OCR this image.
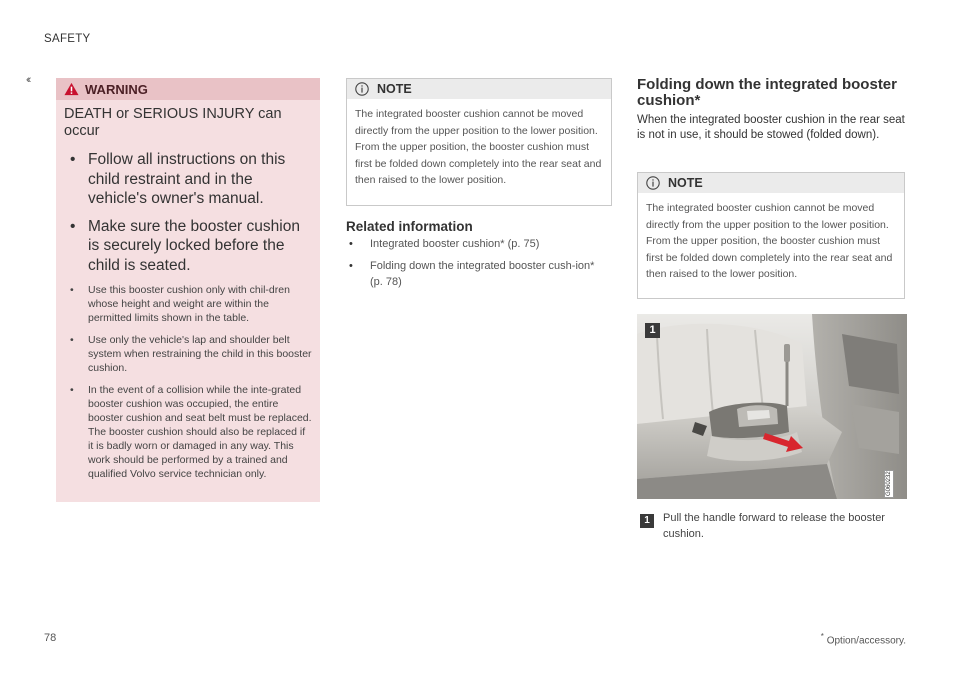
SAFETY
‹‹
WARNING
DEATH or SERIOUS INJURY can occur
• Follow all instructions on this child restraint and in the vehicle's owner's manual.
• Make sure the booster cushion is securely locked before the child is seated.
• Use this booster cushion only with chil-dren whose height and weight are within the permitted limits shown in the table.
• Use only the vehicle's lap and shoulder belt system when restraining the child in this booster cushion.
• In the event of a collision while the inte-grated booster cushion was occupied, the entire booster cushion and seat belt must be replaced. The booster cushion should also be replaced if it is badly worn or damaged in any way. This work should be performed by a trained and qualified Volvo service technician only.
NOTE
The integrated booster cushion cannot be moved directly from the upper position to the lower position. From the upper position, the booster cushion must first be folded down completely into the rear seat and then raised to the lower position.
Related information
• Integrated booster cushion* (p. 75)
• Folding down the integrated booster cush-ion* (p. 78)
Folding down the integrated booster cushion*
When the integrated booster cushion in the rear seat is not in use, it should be stowed (folded down).
NOTE
The integrated booster cushion cannot be moved directly from the upper position to the lower position. From the upper position, the booster cushion must first be folded down completely into the rear seat and then raised to the lower position.
1
G060232
1	Pull the handle forward to release the booster cushion.
78	* Option/accessory.
